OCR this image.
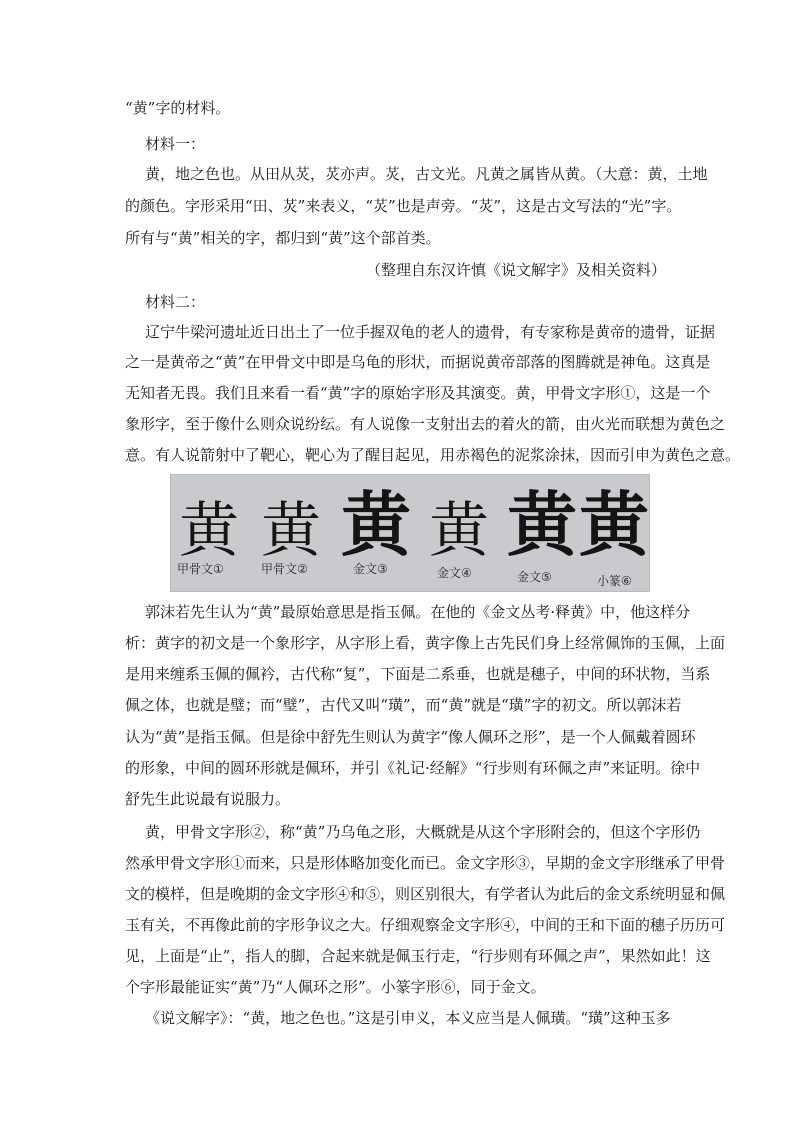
“黄”字的材料。
材料一：
黄，地之色也。从田从炗，炗亦声。炗，古文光。凡黄之属皆从黄。（大意：黄，土地
的颜色。字形采用“田、炗”来表义，“炗”也是声旁。“炗”，这是古文写法的“光”字。
所有与“黄”相关的字，都归到“黄”这个部首类。
（整理自东汉许慎《说文解字》及相关资料）
材料二：
辽宁牛梁河遗址近日出土了一位手握双龟的老人的遗骨，有专家称是黄帝的遗骨，证据
之一是黄帝之“黄”在甲骨文中即是乌龟的形状，而据说黄帝部落的图腾就是神龟。这真是
无知者无畏。我们且来看一看“黄”字的原始字形及其演变。黄，甲骨文字形①，这是一个
象形字，至于像什么则众说纷纭。有人说像一支射出去的着火的箭，由火光而联想为黄色之
意。有人说箭射中了靶心，靶心为了醒目起见，用赤褐色的泥浆涂抹，因而引申为黄色之意。
黄 黄 黄 黄 黄 黄
甲骨文①	甲骨文②	金文③	金文④	金文⑤	小篆⑥
郭沫若先生认为“黄”最原始意思是指玉佩。在他的《金文丛考·释黄》中，他这样分
析：黄字的初文是一个象形字，从字形上看，黄字像上古先民们身上经常佩饰的玉佩，上面
是用来缠系玉佩的佩衿，古代称“复”，下面是二系垂，也就是穗子，中间的环状物，当系
佩之体，也就是璧；而“璧”，古代又叫“璜”，而“黄”就是“璜”字的初文。所以郭沫若
认为“黄”是指玉佩。但是徐中舒先生则认为黄字“像人佩环之形”，是一个人佩戴着圆环
的形象，中间的圆环形就是佩环，并引《礼记·经解》“行步则有环佩之声”来证明。徐中
舒先生此说最有说服力。
黄，甲骨文字形②，称“黄”乃乌龟之形，大概就是从这个字形附会的，但这个字形仍
然承甲骨文字形①而来，只是形体略加变化而已。金文字形③，早期的金文字形继承了甲骨
文的模样，但是晚期的金文字形④和⑤，则区别很大，有学者认为此后的金文系统明显和佩
玉有关，不再像此前的字形争议之大。仔细观察金文字形④，中间的王和下面的穗子历历可
见，上面是“止”，指人的脚，合起来就是佩玉行走，“行步则有环佩之声”，果然如此！这
个字形最能证实“黄”乃“人佩环之形”。小篆字形⑥，同于金文。
《说文解字》：“黄，地之色也。”这是引申义，本义应当是人佩璜。“璜”这种玉多
